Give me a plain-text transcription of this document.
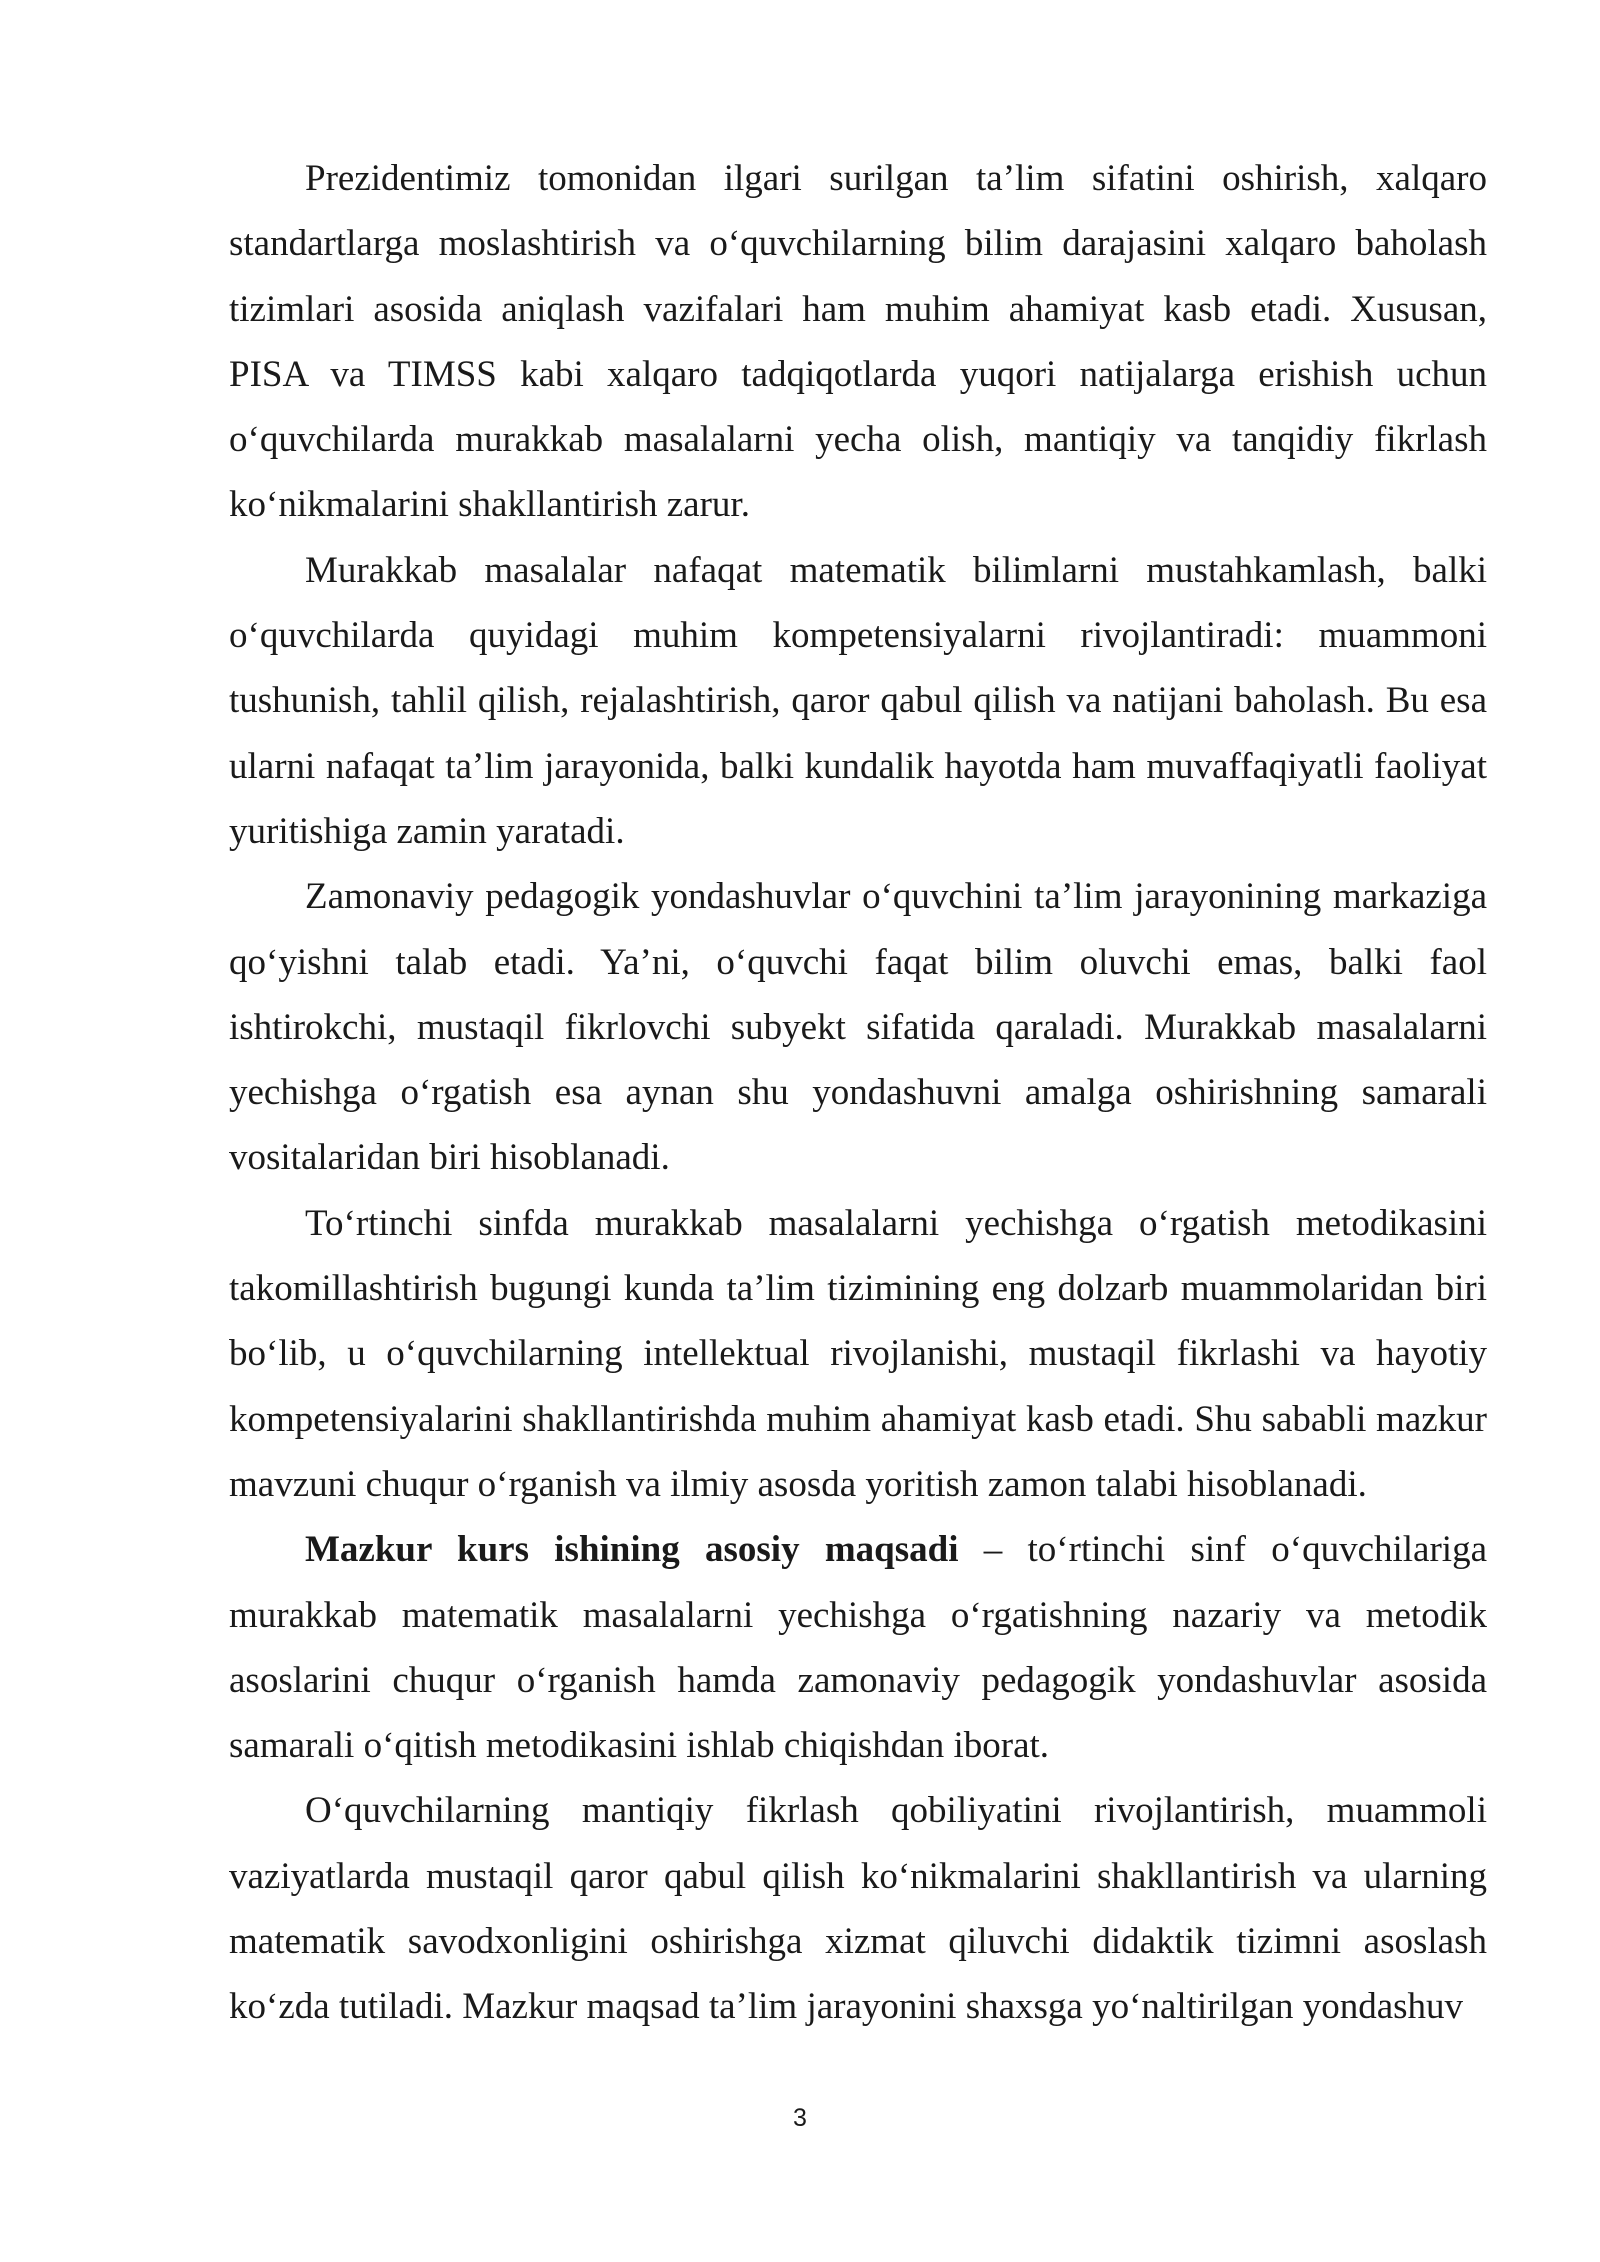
Prezidentimiz tomonidan ilgari surilgan ta’lim sifatini oshirish, xalqaro standartlarga moslashtirish va o‘quvchilarning bilim darajasini xalqaro baholash tizimlari asosida aniqlash vazifalari ham muhim ahamiyat kasb etadi. Xususan, PISA va TIMSS kabi xalqaro tadqiqotlarda yuqori natijalarga erishish uchun o‘quvchilarda murakkab masalalarni yecha olish, mantiqiy va tanqidiy fikrlash ko‘nikmalarini shakllantirish zarur.

Murakkab masalalar nafaqat matematik bilimlarni mustahkamlash, balki o‘quvchilarda quyidagi muhim kompetensiyalarni rivojlantiradi: muammoni tushunish, tahlil qilish, rejalashtirish, qaror qabul qilish va natijani baholash. Bu esa ularni nafaqat ta’lim jarayonida, balki kundalik hayotda ham muvaffaqiyatli faoliyat yuritishiga zamin yaratadi.

Zamonaviy pedagogik yondashuvlar o‘quvchini ta’lim jarayonining markaziga qo‘yishni talab etadi. Ya’ni, o‘quvchi faqat bilim oluvchi emas, balki faol ishtirokchi, mustaqil fikrlovchi subyekt sifatida qaraladi. Murakkab masalalarni yechishga o‘rgatish esa aynan shu yondashuvni amalga oshirishning samarali vositalaridan biri hisoblanadi.

To‘rtinchi sinfda murakkab masalalarni yechishga o‘rgatish metodikasini takomillashtirish bugungi kunda ta’lim tizimining eng dolzarb muammolaridan biri bo‘lib, u o‘quvchilarning intellektual rivojlanishi, mustaqil fikrlashi va hayotiy kompetensiyalarini shakllantirishda muhim ahamiyat kasb etadi. Shu sababli mazkur mavzuni chuqur o‘rganish va ilmiy asosda yoritish zamon talabi hisoblanadi.

Mazkur kurs ishining asosiy maqsadi – to‘rtinchi sinf o‘quvchilariga murakkab matematik masalalarni yechishga o‘rgatishning nazariy va metodik asoslarini chuqur o‘rganish hamda zamonaviy pedagogik yondashuvlar asosida samarali o‘qitish metodikasini ishlab chiqishdan iborat.

O‘quvchilarning mantiqiy fikrlash qobiliyatini rivojlantirish, muammoli vaziyatlarda mustaqil qaror qabul qilish ko‘nikmalarini shakllantirish va ularning matematik savodxonligini oshirishga xizmat qiluvchi didaktik tizimni asoslash ko‘zda tutiladi. Mazkur maqsad ta’lim jarayonini shaxsga yo‘naltirilgan yondashuv

3
